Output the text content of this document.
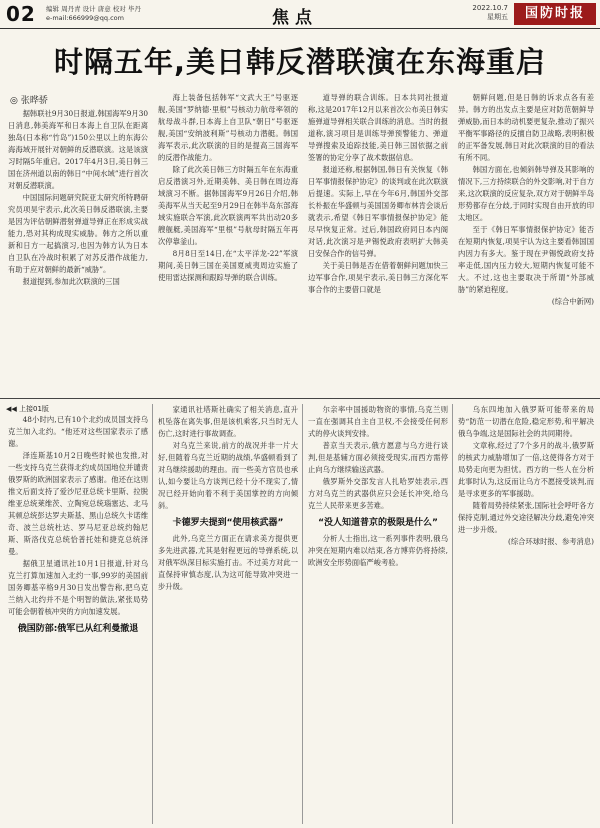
02 编辑 周丹青 设计 唐意 校对 毕丹
e-mail:666999@qq.com	焦点	2022.10.7
星期五	国防时报
时隔五年,美日韩反潜联演在东海重启
◎ 张晔骄

据韩联社9月30日报道,韩国海军9月30日消息,韩美海军和日本海上自卫队在距离独岛(日本称“竹岛”)150公里以上的东海公海海域开展针对朝鲜的反潜联演。这是该演习时隔5年重启。2017年4月3日,美日韩三国在济州道以南的韩日“中间水域”进行首次对朝反潜联演。

中国国际问题研究院亚太研究所特聘研究员项昊宇表示,此次美日韩反潜联演,主要是因为评估朝鲜潜射弹道导弹正在形成实战能力,恐对其构成现实威胁。韩方之所以重新和日方一起搞演习,也因为韩方认为日本自卫队在冷战时积累了对苏反潜作战能力,有助于应对朝鲜的最新“威胁”。

报道提到,参加此次联演的三国

海上装备包括韩军“文武大王”号驱逐舰,美国“罗纳德·里根”号核动力航母率领的航母战斗群,日本海上自卫队“朝日”号驱逐舰,美国“安纳波利斯”号核动力潜艇。韩国海军表示,此次联演的目的是提高三国海军的反潜作战能力。

除了此次美日韩三方时隔五年在东海重启反潜演习外,近期美韩、美日韩在周边海域演习不断。据韩国海军9月26日介绍,韩美海军从当天起至9月29日在韩半岛东部海域实施联合军演,此次联演两军共出动20多艘舰艇,美国海军“里根”号航母时隔五年再次停靠釜山。

8月8日至14日,在“太平洋龙-22”军演期间,美日韩三国在美国夏威夷周边实施了使用雷达探测和跟踪导弹的联合训练。

道导弹的联合训练。日本共同社报道称,这是2017年12月以来首次公布美日韩实施弹道导弹相关联合训练的消息。当时的报道称,演习项目是训练导弹预警能力、弹道导弹搜索及追踪技能,美日韩三国依据之前签署的协定分享了战术数据信息。

报道还称,根据韩国,韩日有关恢复《韩日军事情报保护协定》的谈判或在此次联演后提速。实际上,早在今年6月,韩国外交部长朴振在华盛顿与美国国务卿布林肯会谈后就表示,希望《韩日军事情报保护协定》能尽早恢复正常。过后,韩国政府同日本内阁对话,此次演习是尹锡悦政府表明扩大韩美日安保合作的信号弹。

关于美日韩是否在借着朝鲜问题加快三边军事合作,项昊宇表示,美日韩三方深化军事合作的主要借口就是

朝鲜问题,但是日韩的诉求点各有差异。韩方的出发点主要是应对防范朝鲜导弹威胁,而日本的动机要更复杂,推动了振兴平衡军事路径的反擅自防卫战略,表明积极的正军备发展,韩日对此次联演的目的看法有所不同。

韩国方面在,也倾斜韩导弹及其影响的情况下,三方持续联合的外交影响,对于自方来,这次联演的反应复杂,双方对于朝鲜半岛形势都存在分歧,于同时实现自由开放的印太地区。

至于《韩日军事情报保护协定》能否在短期内恢复,项昊宇认为这主要看韩国国内因力有多大。鉴于现在尹锡悦政府支持率走低,国内压力较大,短期内恢复可能不大。不过,这也主要取决于所谓“外部威胁”的紧迫程度。

(综合中新网)

◀◀ 上接01版

48小时内,已有10个北约成员国支持乌克兰加入北约。“他还对这些国家表示了感谢。

泽连斯基10月2日晚些时候也发推,对一些支持乌克兰获得北约成员国地位并谴责俄罗斯的欧洲国家表示了感谢。他还在这则推文后面支持了爱沙尼亚总统卡里斯、拉脱维亚总统莱维茨、立陶宛总统瑙塞达、北马其顿总统彭达罗夫斯基、黑山总统久卡诺维奇、波兰总统杜达、罗马尼亚总统约翰尼斯、斯洛伐克总统恰普托娃和捷克总统泽曼。

据俄卫星通讯社10月1日报道,针对乌克兰打算加速加入北约一事,99岁的美国前国务卿基辛格9月30日发出警告称,把乌克兰纳入北约并不是个明智的做法,紧张局势可能会朝着核冲突的方向加速发展。

俄国防部:俄军已从红利曼撤退

家通讯社塔斯社确实了相关消息,直升机坠落在离失事,但是该机乘客,只当时无人伤亡,这时进行事故调查。

对乌克兰来说,前方的战况并非一片大好,但随着乌克兰近期的战绩,华盛顿看到了对乌继续援助的理由。而一些美方官员也承认,如今要让乌方谈判已经十分不现实了,情况已经开始向着不利于美国掌控的方向倾斜。

卡德罗夫提到“使用核武器”

此外,乌克兰方面正在请求美方提供更多先进武器,尤其是射程更远的导弹系统,以对俄军纵深目标实施打击。不过美方对此一直保持审慎态度,认为这可能导致冲突进一步升级。

尔亲率中国援助物资的事情,乌克兰则一直在强调其自主自卫权,不会接受任何形式的停火谈判安排。

普京当天表示,俄方愿意与乌方进行谈判,但是基辅方面必须接受现实,而西方需停止向乌方继续输送武器。

俄罗斯外交部发言人扎哈罗娃表示,西方对乌克兰的武器供应只会延长冲突,给乌克兰人民带来更多苦难。

“没人知道普京的极限是什么”

分析人士指出,这一系列事件表明,俄乌冲突在短期内难以结束,各方博弈仍将持续,欧洲安全形势面临严峻考验。

乌东四地加入俄罗斯可能带来的局势“防范一切潜在危险,稳定形势,和平解决俄乌争端,这是国际社会的共同期待。

文章称,经过了7个多月的战斗,俄罗斯的核武力威胁增加了一倍,这使得各方对于局势走向更为担忧。西方的一些人在分析此事时认为,这反而让乌方不愿接受谈判,而是寻求更多的军事援助。

随着局势持续紧张,国际社会呼吁各方保持克制,通过外交途径解决分歧,避免冲突进一步升级。

(综合环球时报、参考消息)
